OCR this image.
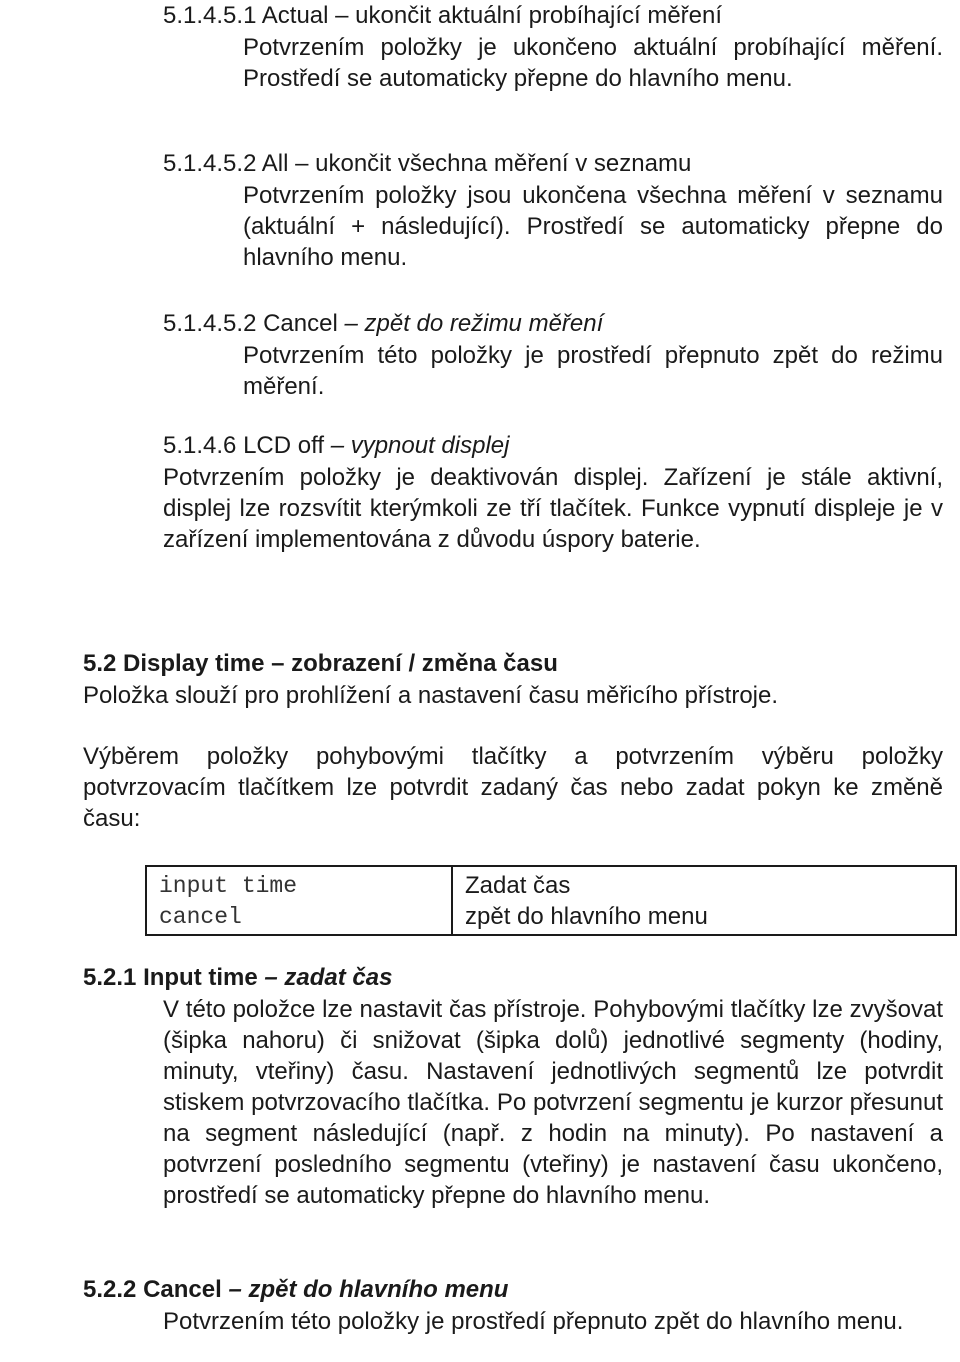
5.1.4.5.1 Actual – ukončit aktuální probíhající měření

Potvrzením položky je ukončeno aktuální probíhající měření. Prostředí se automaticky přepne do hlavního menu.

5.1.4.5.2 All – ukončit všechna měření v seznamu

Potvrzením položky jsou ukončena všechna měření v seznamu (aktuální + následující). Prostředí se automaticky přepne do hlavního menu.

5.1.4.5.2 Cancel – zpět do režimu měření

Potvrzením této položky je prostředí přepnuto zpět do režimu měření.

5.1.4.6 LCD off – vypnout displej

Potvrzením položky je deaktivován displej. Zařízení je stále aktivní, displej lze rozsvítit kterýmkoli ze tří tlačítek. Funkce vypnutí displeje je v zařízení implementována z důvodu úspory baterie.

5.2 Display time – zobrazení / změna času

Položka slouží pro prohlížení a nastavení času měřicího přístroje.

Výběrem položky pohybovými tlačítky a potvrzením výběru položky potvrzovacím tlačítkem lze potvrdit zadaný čas nebo zadat pokyn ke změně času:

input time	Zadat čas
cancel	zpět do hlavního menu
5.2.1 Input time – zadat čas

V této položce lze nastavit čas přístroje. Pohybovými tlačítky lze zvyšovat (šipka nahoru) či snižovat (šipka dolů) jednotlivé segmenty (hodiny, minuty, vteřiny) času. Nastavení jednotlivých segmentů lze potvrdit stiskem potvrzovacího tlačítka. Po potvrzení segmentu je kurzor přesunut na segment následující (např. z hodin na minuty). Po nastavení a potvrzení posledního segmentu (vteřiny) je nastavení času ukončeno, prostředí se automaticky přepne do hlavního menu.

5.2.2 Cancel – zpět do hlavního menu

Potvrzením této položky je prostředí přepnuto zpět do hlavního menu.
